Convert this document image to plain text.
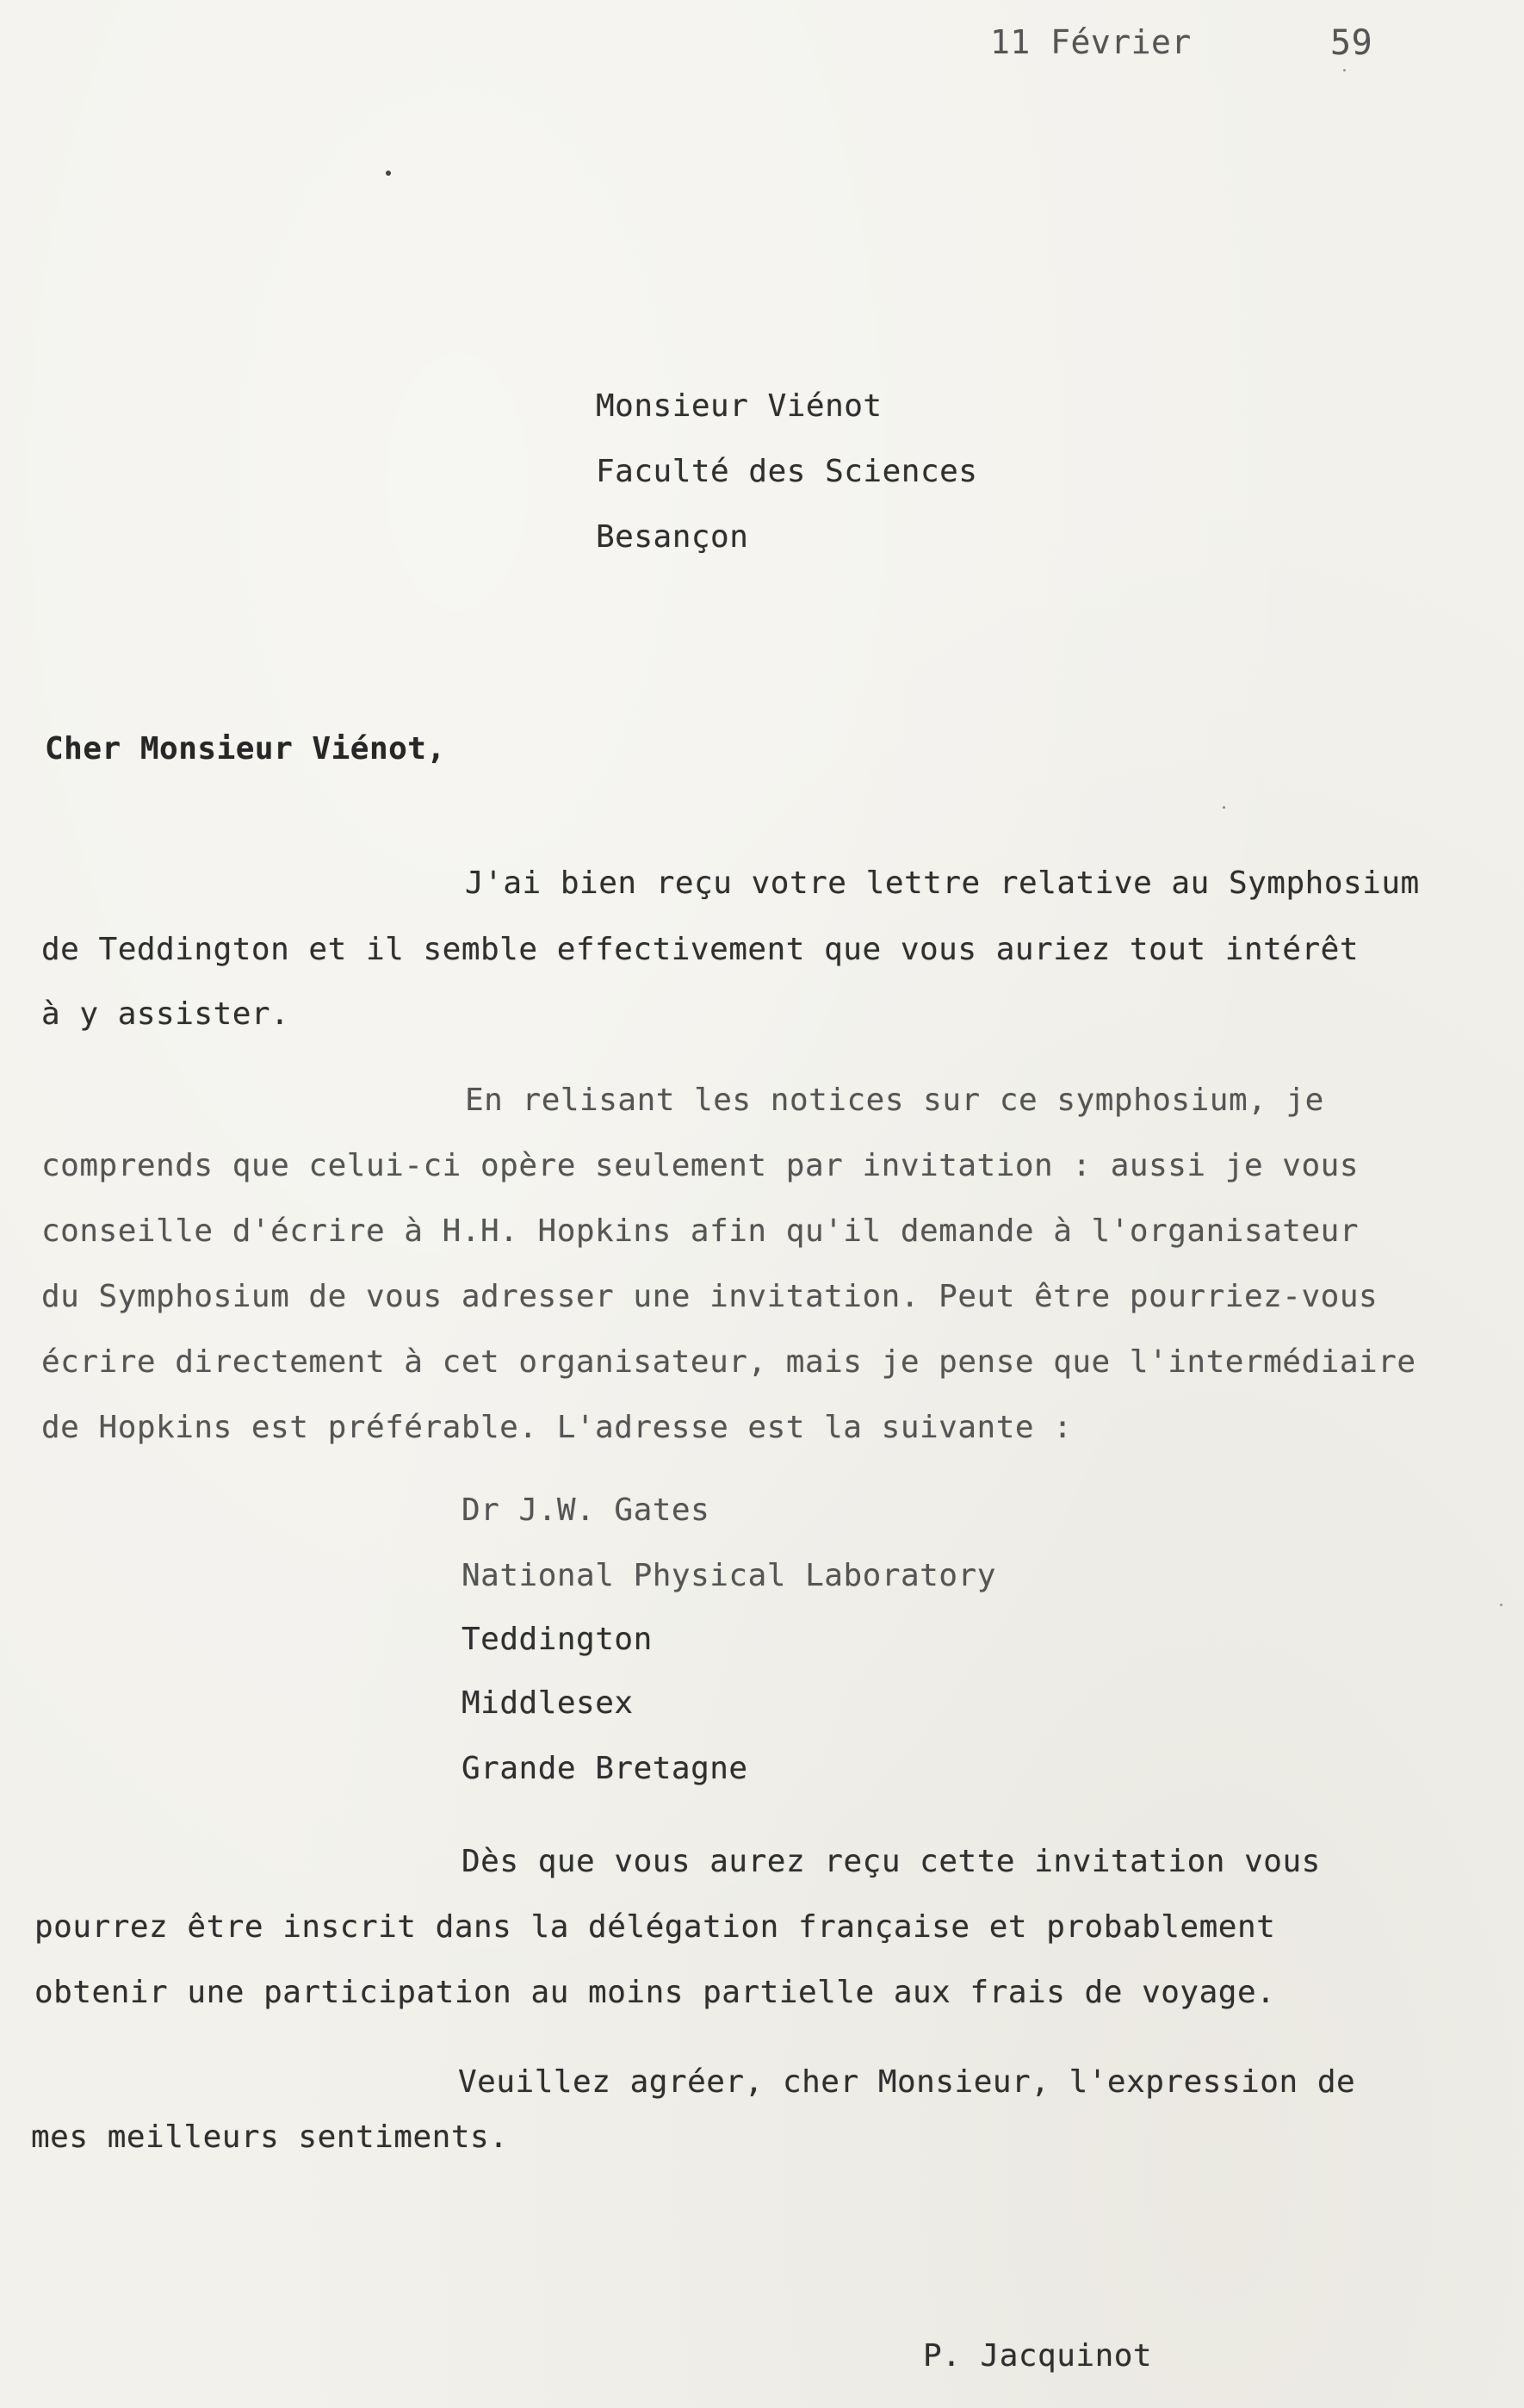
11 Février	59
Monsieur Viénot
Faculté des Sciences
Besançon
Cher Monsieur Viénot,
J'ai bien reçu votre lettre relative au Symphosium
de Teddington et il semble effectivement que vous auriez tout intérêt
à y assister.
En relisant les notices sur ce symphosium, je
comprends que celui-ci opère seulement par invitation : aussi je vous
conseille d'écrire à H.H. Hopkins afin qu'il demande à l'organisateur
du Symphosium de vous adresser une invitation. Peut être pourriez-vous
écrire directement à cet organisateur, mais je pense que l'intermédiaire
de Hopkins est préférable. L'adresse est la suivante :
Dr J.W. Gates
National Physical Laboratory
Teddington
Middlesex
Grande Bretagne
Dès que vous aurez reçu cette invitation vous
pourrez être inscrit dans la délégation française et probablement
obtenir une participation au moins partielle aux frais de voyage.
Veuillez agréer, cher Monsieur, l'expression de
mes meilleurs sentiments.
P. Jacquinot
